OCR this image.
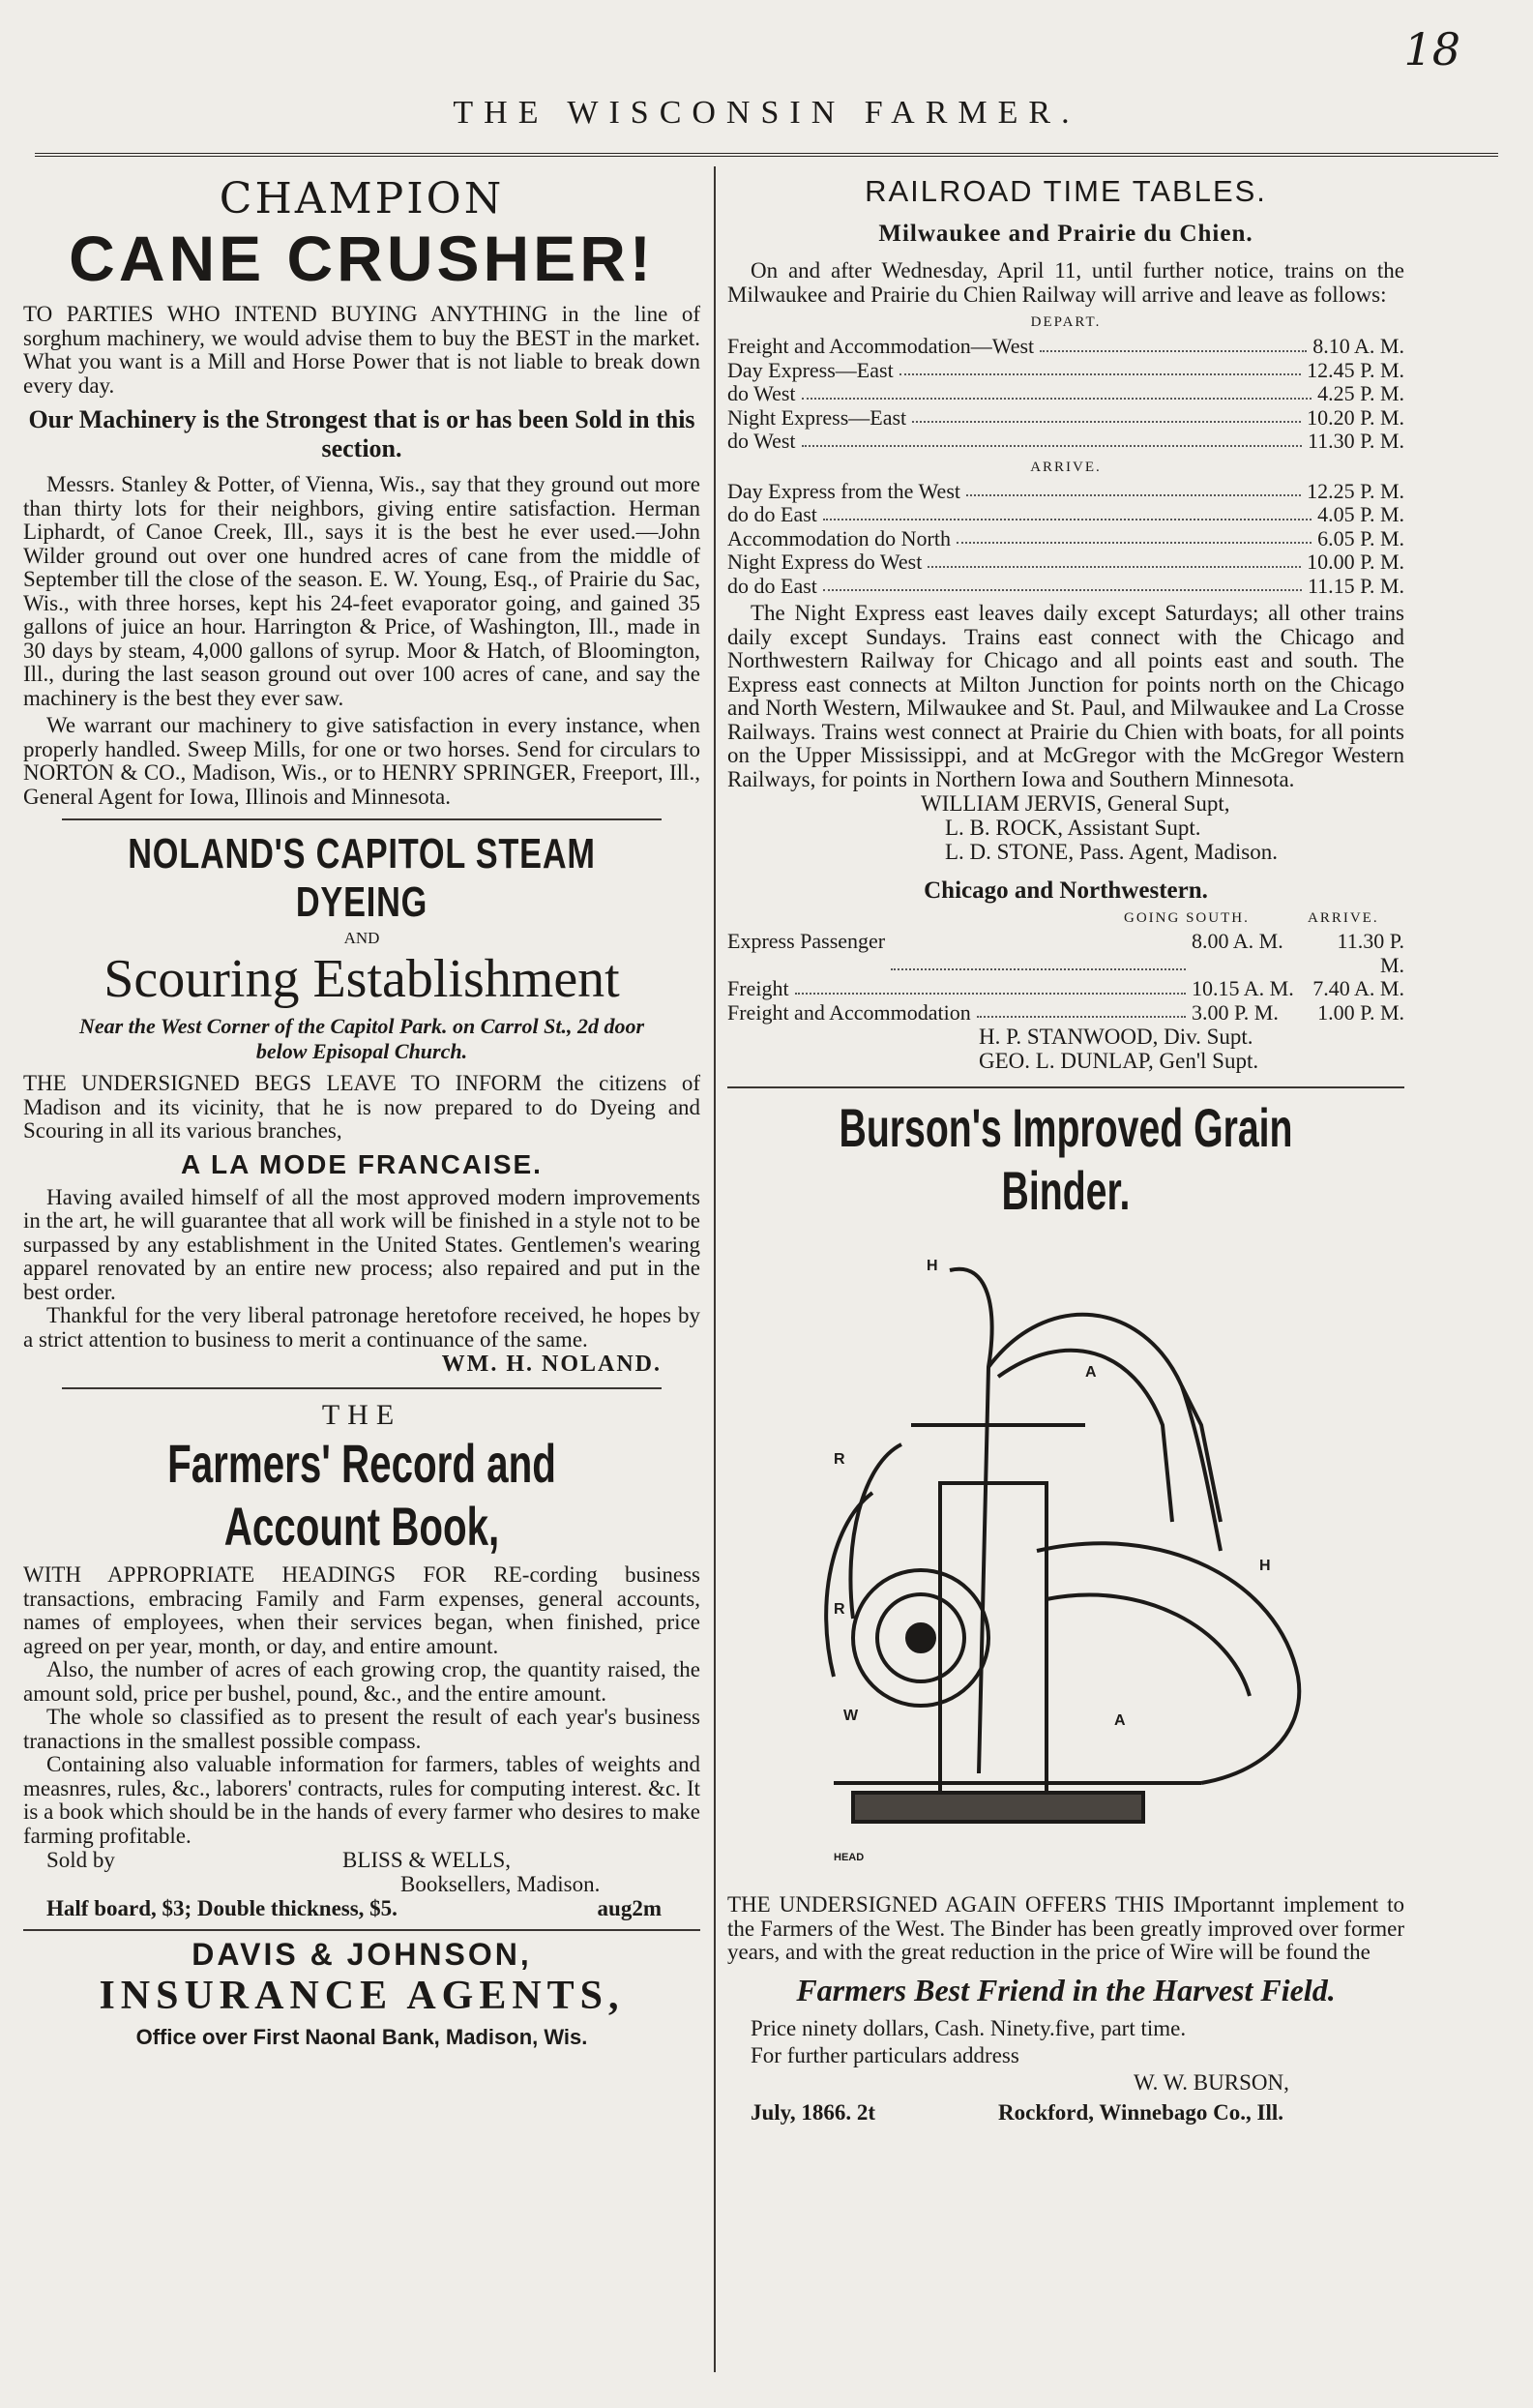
18
THE WISCONSIN FARMER.

CHAMPION

CANE CRUSHER!

TO PARTIES WHO INTEND BUYING ANYTHING in the line of sorghum machinery, we would advise them to buy the BEST in the market. What you want is a Mill and Horse Power that is not liable to break down every day.

Our Machinery is the Strongest that is or has been Sold in this section.

Messrs. Stanley & Potter, of Vienna, Wis., say that they ground out more than thirty lots for their neighbors, giving entire satisfaction. Herman Liphardt, of Canoe Creek, Ill., says it is the best he ever used.—John Wilder ground out over one hundred acres of cane from the middle of September till the close of the season. E. W. Young, Esq., of Prairie du Sac, Wis., with three horses, kept his 24-feet evaporator going, and gained 35 gallons of juice an hour. Harrington & Price, of Washington, Ill., made in 30 days by steam, 4,000 gallons of syrup. Moor & Hatch, of Bloomington, Ill., during the last season ground out over 100 acres of cane, and say the machinery is the best they ever saw.

We warrant our machinery to give satisfaction in every instance, when properly handled. Sweep Mills, for one or two horses. Send for circulars to NORTON & CO., Madison, Wis., or to HENRY SPRINGER, Freeport, Ill., General Agent for Iowa, Illinois and Minnesota.

NOLAND'S CAPITOL STEAM DYEING

AND

Scouring Establishment

Near the West Corner of the Capitol Park. on Carrol St., 2d door below Episopal Church.

THE UNDERSIGNED BEGS LEAVE TO INFORM the citizens of Madison and its vicinity, that he is now prepared to do Dyeing and Scouring in all its various branches,

A LA MODE FRANCAISE.

Having availed himself of all the most approved modern improvements in the art, he will guarantee that all work will be finished in a style not to be surpassed by any establishment in the United States. Gentlemen's wearing apparel renovated by an entire new process; also repaired and put in the best order.

Thankful for the very liberal patronage heretofore received, he hopes by a strict attention to business to merit a continuance of the same.

WM. H. NOLAND.

THE

Farmers' Record and Account Book,

WITH APPROPRIATE HEADINGS FOR RE-cording business transactions, embracing Family and Farm expenses, general accounts, names of employees, when their services began, when finished, price agreed on per year, month, or day, and entire amount.

Also, the number of acres of each growing crop, the quantity raised, the amount sold, price per bushel, pound, &c., and the entire amount.

The whole so classified as to present the result of each year's business tranactions in the smallest possible compass.

Containing also valuable information for farmers, tables of weights and measnres, rules, &c., laborers' contracts, rules for computing interest. &c. It is a book which should be in the hands of every farmer who desires to make farming profitable.

Sold by	BLISS & WELLS,
Booksellers, Madison.
Half board, $3; Double thickness, $5.	aug2m

DAVIS & JOHNSON,

INSURANCE AGENTS,

Office over First Naonal Bank, Madison, Wis.

RAILROAD TIME TABLES.

Milwaukee and Prairie du Chien.

On and after Wednesday, April 11, until further notice, trains on the Milwaukee and Prairie du Chien Railway will arrive and leave as follows:

DEPART.

Freight and Accommodation—West	8.10 A. M.
Day Express—East	12.45 P. M.
do West	4.25 P. M.
Night Express—East	10.20 P. M.
do West	11.30 P. M.

ARRIVE.

Day Express from the West	12.25 P. M.
do do East	4.05 P. M.
Accommodation do North	6.05 P. M.
Night Express do West	10.00 P. M.
do do East	11.15 P. M.

The Night Express east leaves daily except Saturdays; all other trains daily except Sundays. Trains east connect with the Chicago and Northwestern Railway for Chicago and all points east and south. The Express east connects at Milton Junction for points north on the Chicago and North Western, Milwaukee and St. Paul, and Milwaukee and La Crosse Railways. Trains west connect at Prairie du Chien with boats, for all points on the Upper Mississippi, and at McGregor with the McGregor Western Railways, for points in Northern Iowa and Southern Minnesota.

WILLIAM JERVIS, General Supt,

L. B. ROCK, Assistant Supt.

L. D. STONE, Pass. Agent, Madison.

Chicago and Northwestern.

GOING SOUTH.	ARRIVE.
Express Passenger	8.00 A. M.	11.30 P. M.
Freight	10.15 A. M. 7.40 A. M.
Freight and Accommodation	3.00 P. M.	1.00 P. M.

H. P. STANWOOD, Div. Supt.

GEO. L. DUNLAP, Gen'l Supt.

Burson's Improved Grain Binder.

H
A
R
H
R
W	A
HEAD

THE UNDERSIGNED AGAIN OFFERS THIS IMportannt implement to the Farmers of the West. The Binder has been greatly improved over former years, and with the great reduction in the price of Wire will be found the

Farmers Best Friend in the Harvest Field.

Price ninety dollars, Cash. Ninety.five, part time.

For further particulars address

W. W. BURSON,

July, 1866. 2t	Rockford, Winnebago Co., Ill.
